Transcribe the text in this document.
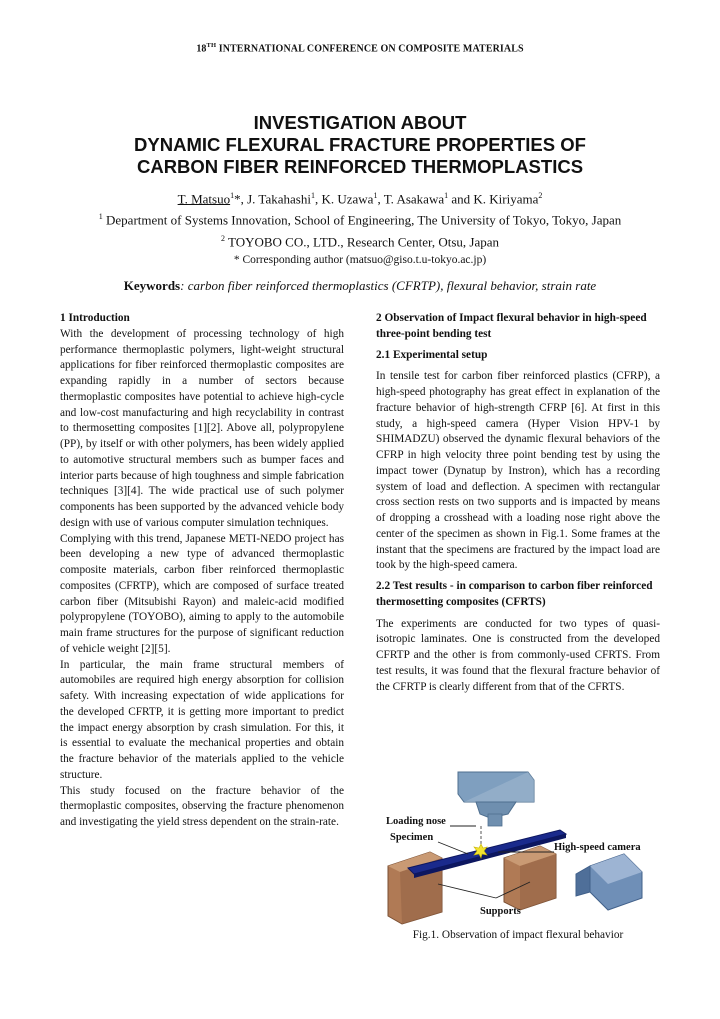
18TH INTERNATIONAL CONFERENCE ON COMPOSITE MATERIALS
INVESTIGATION ABOUT
DYNAMIC FLEXURAL FRACTURE PROPERTIES OF
CARBON FIBER REINFORCED THERMOPLASTICS
T. Matsuo$^1$*, J. Takahashi$^1$, K. Uzawa$^1$, T. Asakawa$^1$ and K. Kiriyama$^2$
$^1$ Department of Systems Innovation, School of Engineering, The University of Tokyo, Tokyo, Japan
$^2$ TOYOBO CO., LTD., Research Center, Otsu, Japan
* Corresponding author (matsuo@giso.t.u-tokyo.ac.jp)
Keywords: carbon fiber reinforced thermoplastics (CFRTP), flexural behavior, strain rate

1 Introduction

With the development of processing technology of high performance thermoplastic polymers, light-weight structural applications for fiber reinforced thermoplastic composites are expanding rapidly in a number of sectors because thermoplastic composites have potential to achieve high-cycle and low-cost manufacturing and high recyclability in contrast to thermosetting composites [1][2]. Above all, polypropylene (PP), by itself or with other polymers, has been widely applied to automotive structural members such as bumper faces and interior parts because of high toughness and simple fabrication techniques [3][4]. The wide practical use of such polymer components has been supported by the advanced vehicle body design with use of various computer simulation techniques.

Complying with this trend, Japanese METI-NEDO project has been developing a new type of advanced thermoplastic composite materials, carbon fiber reinforced thermoplastic composites (CFRTP), which are composed of surface treated carbon fiber (Mitsubishi Rayon) and maleic-acid modified polypropylene (TOYOBO), aiming to apply to the automobile main frame structures for the purpose of significant reduction of vehicle weight [2][5].

In particular, the main frame structural members of automobiles are required high energy absorption for collision safety. With increasing expectation of wide applications for the developed CFRTP, it is getting more important to predict the impact energy absorption by crash simulation. For this, it is essential to evaluate the mechanical properties and obtain the fracture behavior of the materials applied to the vehicle structure.

This study focused on the fracture behavior of the thermoplastic composites, observing the fracture phenomenon and investigating the yield stress dependent on the strain-rate.

2 Observation of Impact flexural behavior in high-speed three-point bending test

2.1 Experimental setup

In tensile test for carbon fiber reinforced plastics (CFRP), a high-speed photography has great effect in explanation of the fracture behavior of high-strength CFRP [6]. At first in this study, a high-speed camera (Hyper Vision HPV-1 by SHIMADZU) observed the dynamic flexural behaviors of the CFRP in high velocity three point bending test by using the impact tower (Dynatup by Instron), which has a recording system of load and deflection. A specimen with rectangular cross section rests on two supports and is impacted by means of dropping a crosshead with a loading nose right above the center of the specimen as shown in Fig.1. Some frames at the instant that the specimens are fractured by the impact load are took by the high-speed camera.

2.2 Test results - in comparison to carbon fiber reinforced thermosetting composites (CFRTS)

The experiments are conducted for two types of quasi-isotropic laminates. One is constructed from the developed CFRTP and the other is from commonly-used CFRTS. From test results, it was found that the flexural fracture behavior of the CFRTP is clearly different from that of the CFRTS.

Loading nose
Specimen
High-speed camera
Supports
Fig.1. Observation of impact flexural behavior
